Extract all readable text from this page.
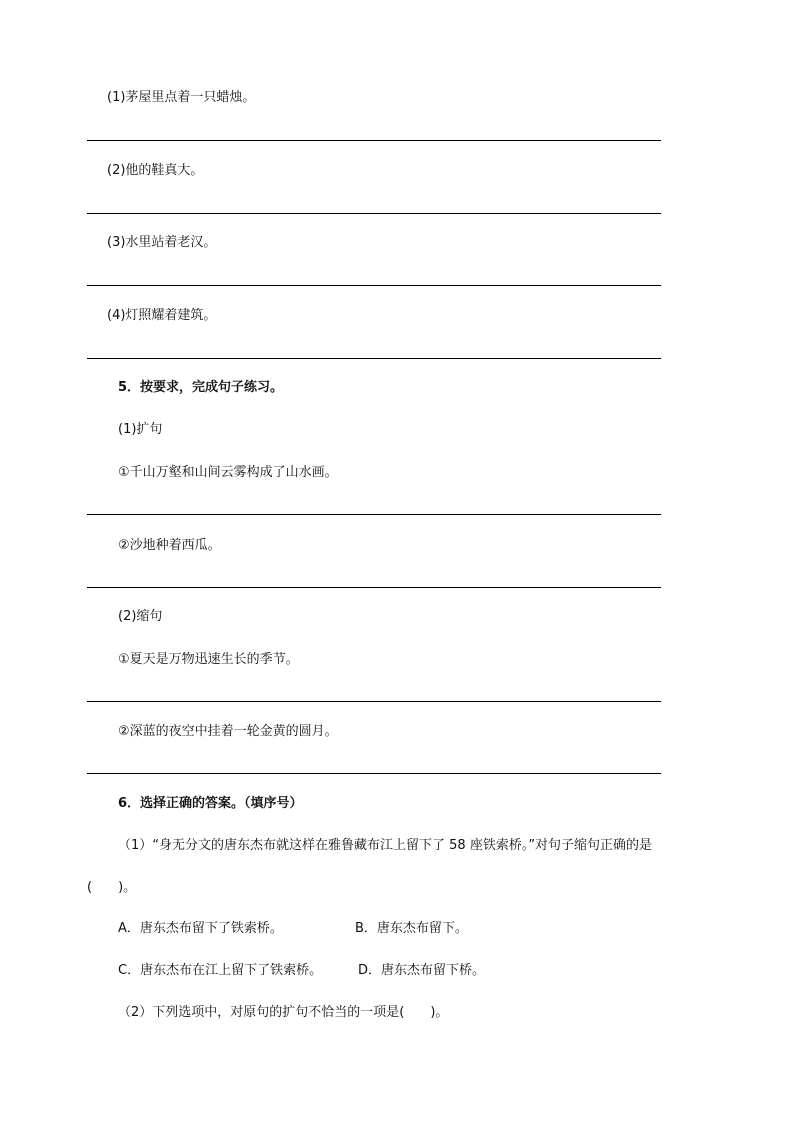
(1)茅屋里点着一只蜡烛。
(2)他的鞋真大。
(3)水里站着老汉。
(4)灯照耀着建筑。
5．按要求，完成句子练习。
(1)扩句
①千山万壑和山间云雾构成了山水画。
②沙地种着西瓜。
(2)缩句
①夏天是万物迅速生长的季节。
②深蓝的夜空中挂着一轮金黄的圆月。
6．选择正确的答案。（填序号）
（1）“身无分文的唐东杰布就这样在雅鲁藏布江上留下了 58 座铁索桥。”对句子缩句正确的是
(　　)。
A．唐东杰布留下了铁索桥。	B．唐东杰布留下。
C．唐东杰布在江上留下了铁索桥。	D．唐东杰布留下桥。
（2）下列选项中，对原句的扩句不恰当的一项是(　　)。
